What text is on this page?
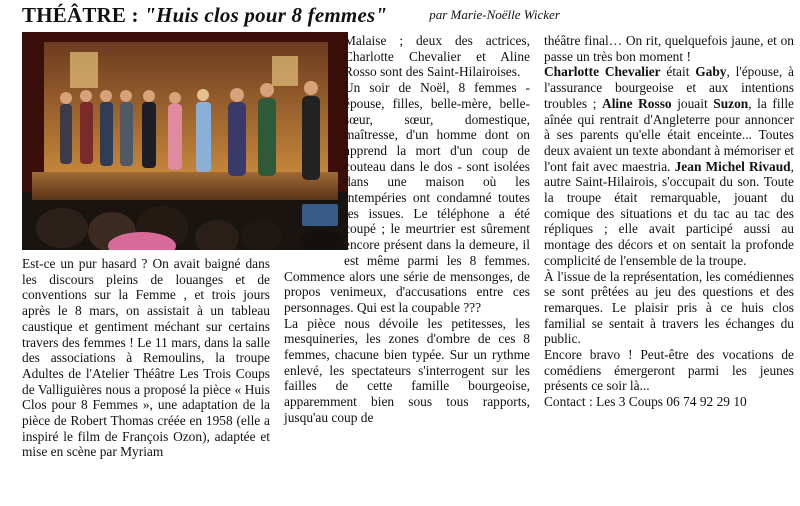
THÉÂTRE : "Huis clos pour 8 femmes"	par Marie-Noëlle Wicker

Est-ce un pur hasard ? On avait baigné dans les discours pleins de louanges et de conventions sur la Femme , et trois jours après le 8 mars, on assistait à un tableau caustique et gentiment méchant sur certains travers des femmes ! Le 11 mars, dans la salle des associations à Remoulins, la troupe Adultes de l'Atelier Théâtre Les Trois Coups de Valliguières nous a proposé la pièce « Huis Clos pour 8 Femmes », une adaptation de la pièce de Robert Thomas créée en 1958 (elle a inspiré le film de François Ozon), adaptée et mise en scène par Myriam

Malaise ; deux des actrices, Charlotte Chevalier et Aline Rosso sont des Saint-Hilairoises.

Un soir de Noël, 8 femmes - épouse, filles, belle-mère, belle-sœur, sœur, domestique, maîtresse, d'un homme dont on apprend la mort d'un coup de couteau dans le dos - sont isolées dans une maison où les intempéries ont condamné toutes les issues. Le téléphone a été coupé ; le meurtrier est sûrement encore présent dans la demeure, il est même parmi les 8 femmes. Commence alors une série de mensonges, de propos venimeux, d'accusations entre ces personnages. Qui est la coupable ???

La pièce nous dévoile les petitesses, les mesquineries, les zones d'ombre de ces 8 femmes, chacune bien typée. Sur un rythme enlevé, les spectateurs s'interrogent sur les failles de cette famille bourgeoise, apparemment bien sous tous rapports, jusqu'au coup de

théâtre final… On rit, quelquefois jaune, et on passe un très bon moment !

Charlotte Chevalier était Gaby, l'épouse, à l'assurance bourgeoise et aux intentions troubles ; Aline Rosso jouait Suzon, la fille aînée qui rentrait d'Angleterre pour annoncer à ses parents qu'elle était enceinte... Toutes deux avaient un texte abondant à mémoriser et l'ont fait avec maestria. Jean Michel Rivaud, autre Saint-Hilairois, s'occupait du son. Toute la troupe était remarquable, jouant du comique des situations et du tac au tac des répliques ; elle avait participé aussi au montage des décors et on sentait la profonde complicité de l'ensemble de la troupe.

À l'issue de la représentation, les comédiennes se sont prêtées au jeu des questions et des remarques. Le plaisir pris à ce huis clos familial se sentait à travers les échanges du public.

Encore bravo ! Peut-être des vocations de comédiens émergeront parmi les jeunes présents ce soir là...

Contact : Les 3 Coups 06 74 92 29 10
